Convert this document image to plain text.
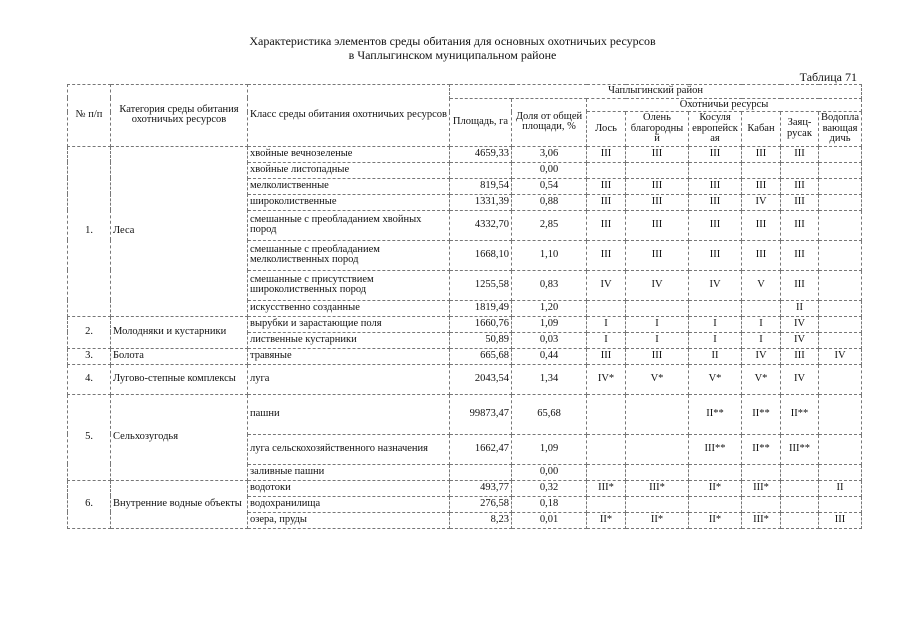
Характеристика элементов среды обитания для основных охотничьих ресурсов
в Чаплыгинском муниципальном районе
Таблица 71
№ п/п	Категория среды обитания охотничьих ресурсов	Класс среды обитания охотничьих ресурсов	Чаплыгинский район							
			Площадь, га	Доля от общей площади, %	Охотничьи ресурсы					
					Лось	Олень благородный	Косуля европейская	Кабан	Заяц-русак	Водоплавающая дичь
1.	Леса	хвойные вечнозеленые	4659,33	3,06	III	III	III	III	III	
		хвойные листопадные		0,00						
		мелколиственные	819,54	0,54	III	III	III	III	III	
		широколиственные	1331,39	0,88	III	III	III	IV	III	
		смешанные с преобладанием хвойных пород	4332,70	2,85	III	III	III	III	III	
		смешанные с преобладанием мелколиственных пород	1668,10	1,10	III	III	III	III	III	
		смешанные с присутствием широколиственных пород	1255,58	0,83	IV	IV	IV	V	III	
		искусственно созданные	1819,49	1,20					II	
2.	Молодняки и кустарники	вырубки и зарастающие поля	1660,76	1,09	I	I	I	I	IV	
		лиственные кустарники	50,89	0,03	I	I	I	I	IV	
3.	Болота	травяные	665,68	0,44	III	III	II	IV	III	IV
4.	Лугово-степные комплексы	луга	2043,54	1,34	IV*	V*	V*	V*	IV	
5.	Сельхозугодья	пашни	99873,47	65,68			II**	II**	II**	
		луга сельскохозяйственного назначения	1662,47	1,09			III**	II**	III**	
		заливные пашни		0,00						
6.	Внутренние водные объекты	водотоки	493,77	0,32	III*	III*	II*	III*		II
		водохранилища	276,58	0,18						
		озера, пруды	8,23	0,01	II*	II*	II*	III*		III
